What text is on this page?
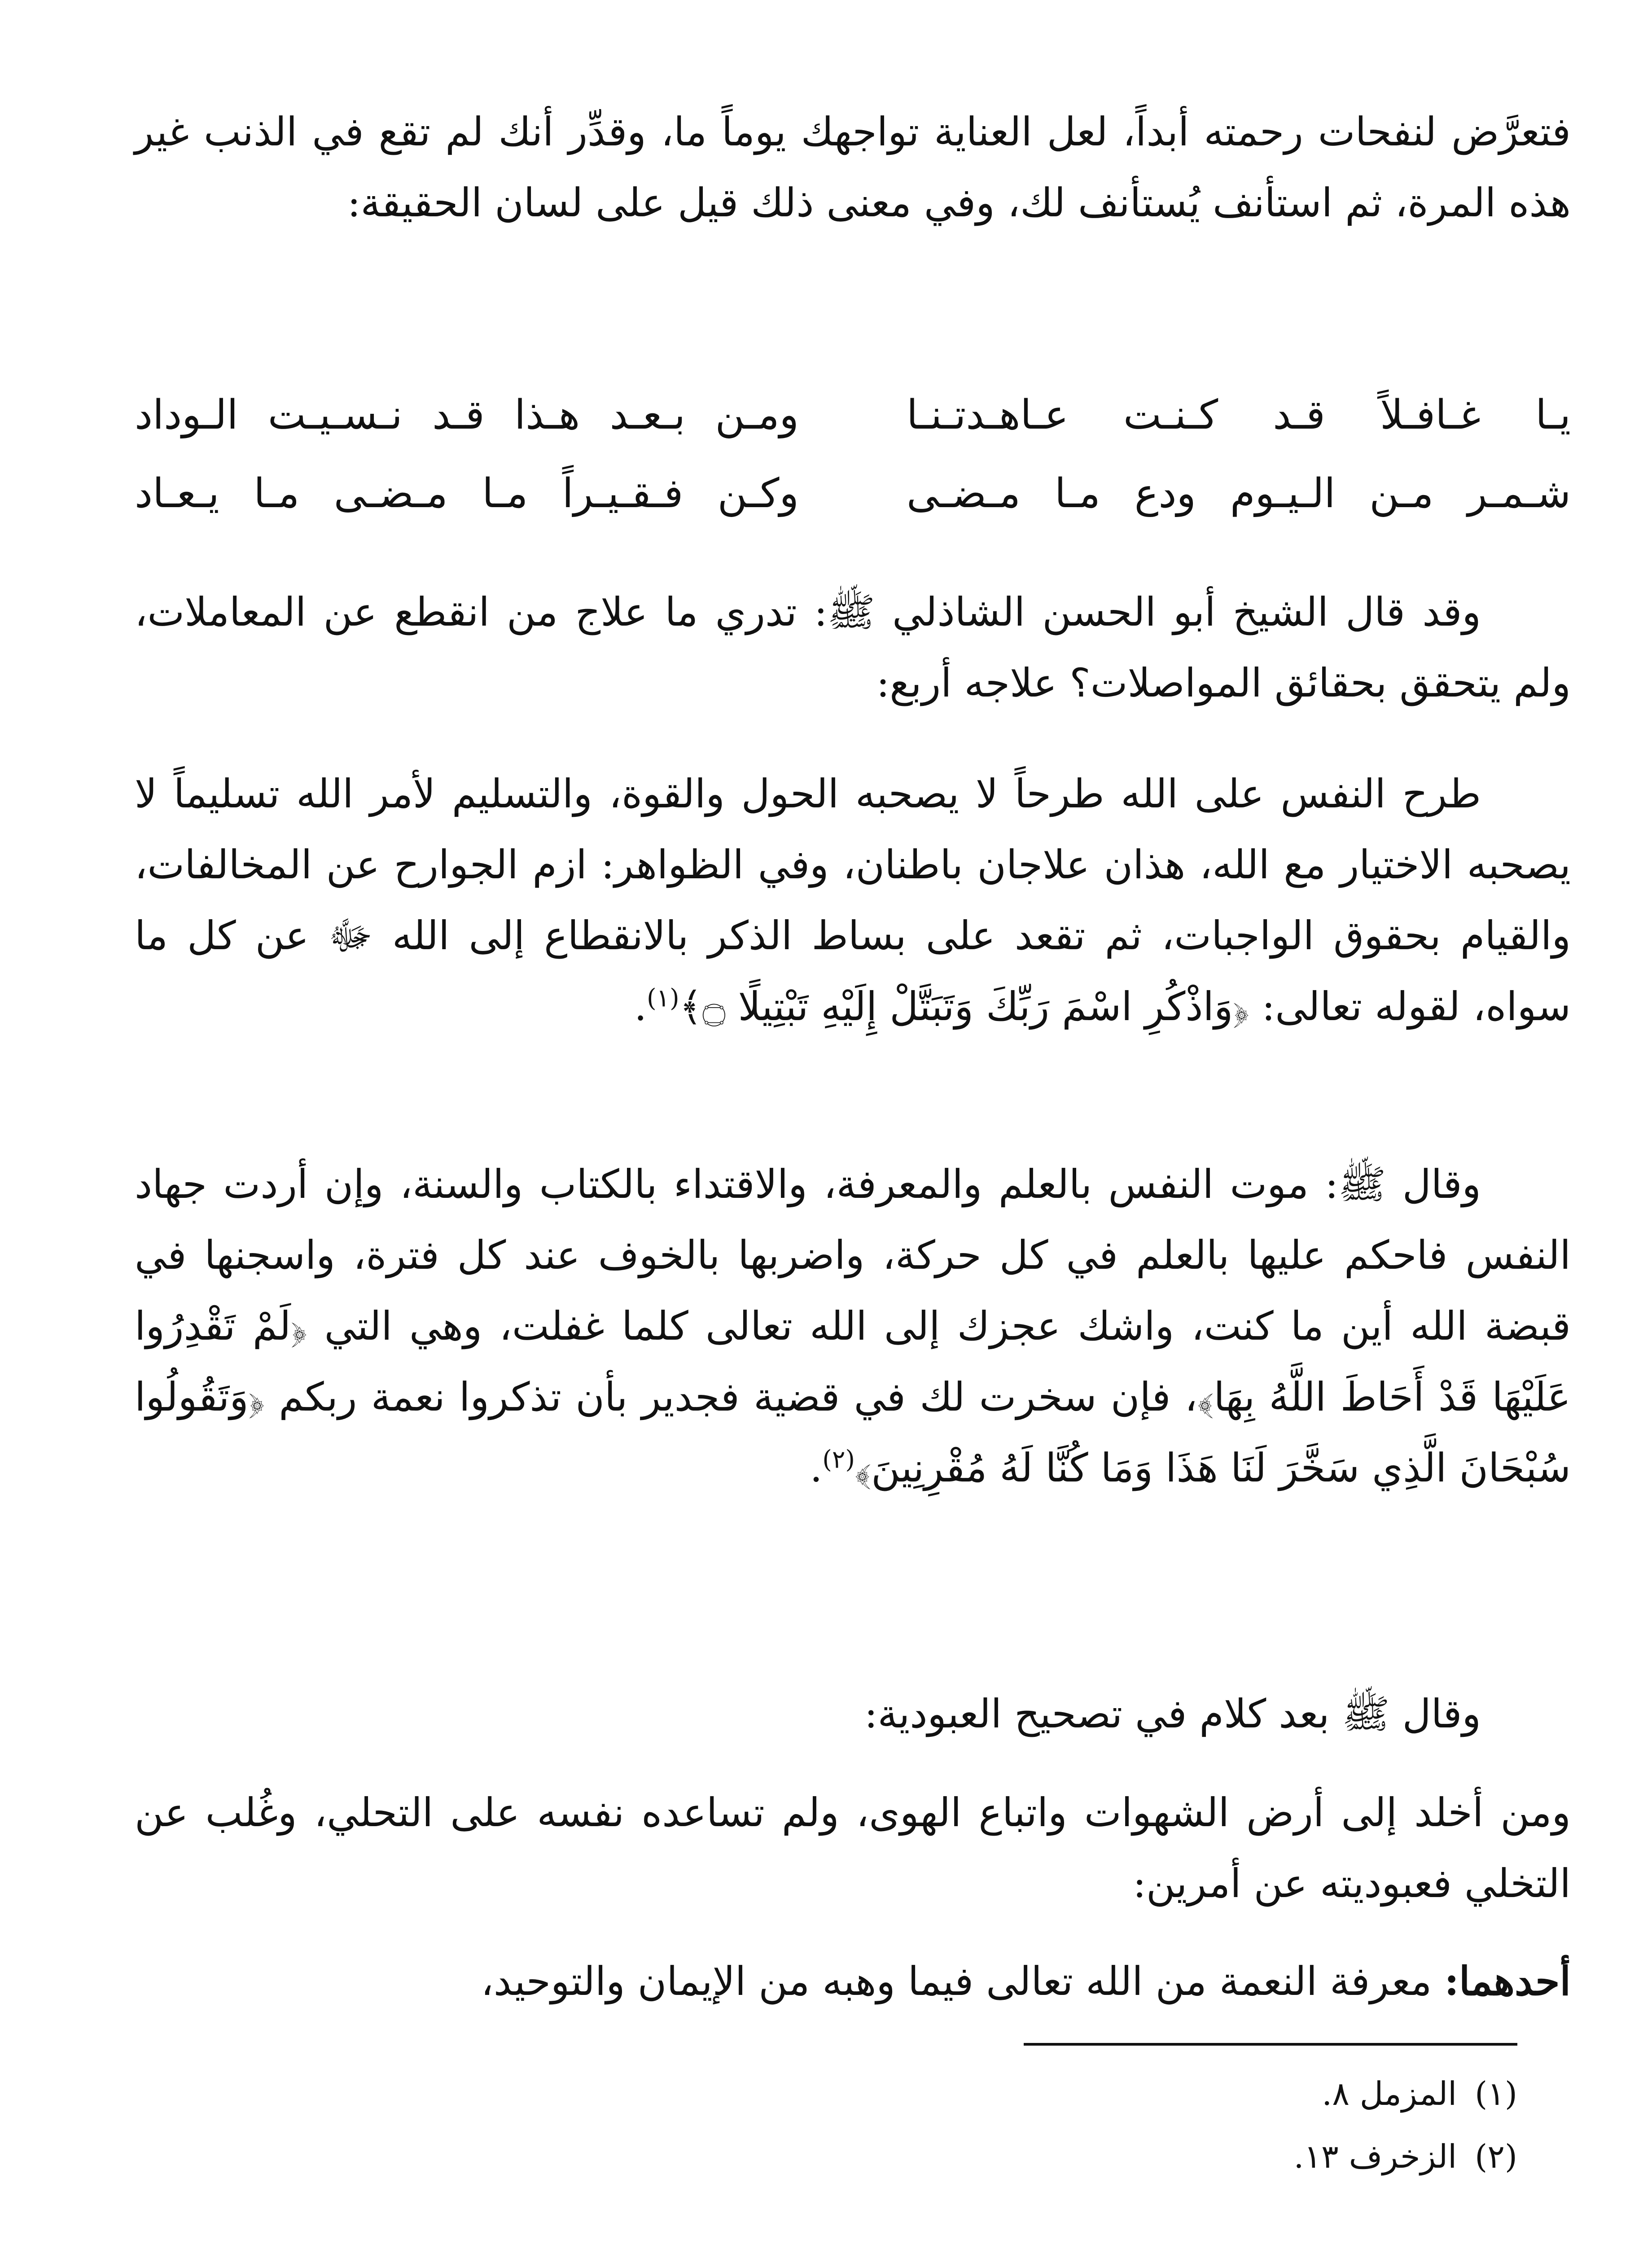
فتعرَّض لنفحات رحمته أبداً، لعل العناية تواجهك يوماً ما، وقدِّر أنك لم تقع في الذنب غير هذه المرة، ثم استأنف يُستأنف لك، وفي معنى ذلك قيل على لسان الحقيقة:

يـا غـافـلاً قـد كـنـت عـاهـدتـنـا
ومـن بـعـد هـذا قـد نـسـيـت الـوداد
شـمـر مـن الـيـوم ودع مـا مـضـى
وكـن فـقـيـراً مـا مـضـى مـا يـعـاد

وقد قال الشيخ أبو الحسن الشاذلي ﷺ: تدري ما علاج من انقطع عن المعاملات، ولم يتحقق بحقائق المواصلات؟ علاجه أربع:

طرح النفس على الله طرحاً لا يصحبه الحول والقوة، والتسليم لأمر الله تسليماً لا يصحبه الاختيار مع الله، هذان علاجان باطنان، وفي الظواهر: ازم الجوارح عن المخالفات، والقيام بحقوق الواجبات، ثم تقعد على بساط الذكر بالانقطاع إلى الله ﷻ عن كل ما سواه، لقوله تعالى: ﴿وَاذْكُرِ اسْمَ رَبِّكَ وَتَبَتَّلْ إِلَيْهِ تَبْتِيلًا ۝﴾$^{(١)}$.

وقال ﷺ: موت النفس بالعلم والمعرفة، والاقتداء بالكتاب والسنة، وإن أردت جهاد النفس فاحكم عليها بالعلم في كل حركة، واضربها بالخوف عند كل فترة، واسجنها في قبضة الله أين ما كنت، واشك عجزك إلى الله تعالى كلما غفلت، وهي التي ﴿لَمْ تَقْدِرُوا عَلَيْهَا قَدْ أَحَاطَ اللَّهُ بِهَا﴾، فإن سخرت لك في قضية فجدير بأن تذكروا نعمة ربكم ﴿وَتَقُولُوا سُبْحَانَ الَّذِي سَخَّرَ لَنَا هَذَا وَمَا كُنَّا لَهُ مُقْرِنِينَ﴾$^{(٢)}$.

وقال ﷺ بعد كلام في تصحيح العبودية:

ومن أخلد إلى أرض الشهوات واتباع الهوى، ولم تساعده نفسه على التحلي، وغُلب عن التخلي فعبوديته عن أمرين:

أحدهما: معرفة النعمة من الله تعالى فيما وهبه من الإيمان والتوحيد،

(١)المزمل ٨.
(٢)الزخرف ١٣.
